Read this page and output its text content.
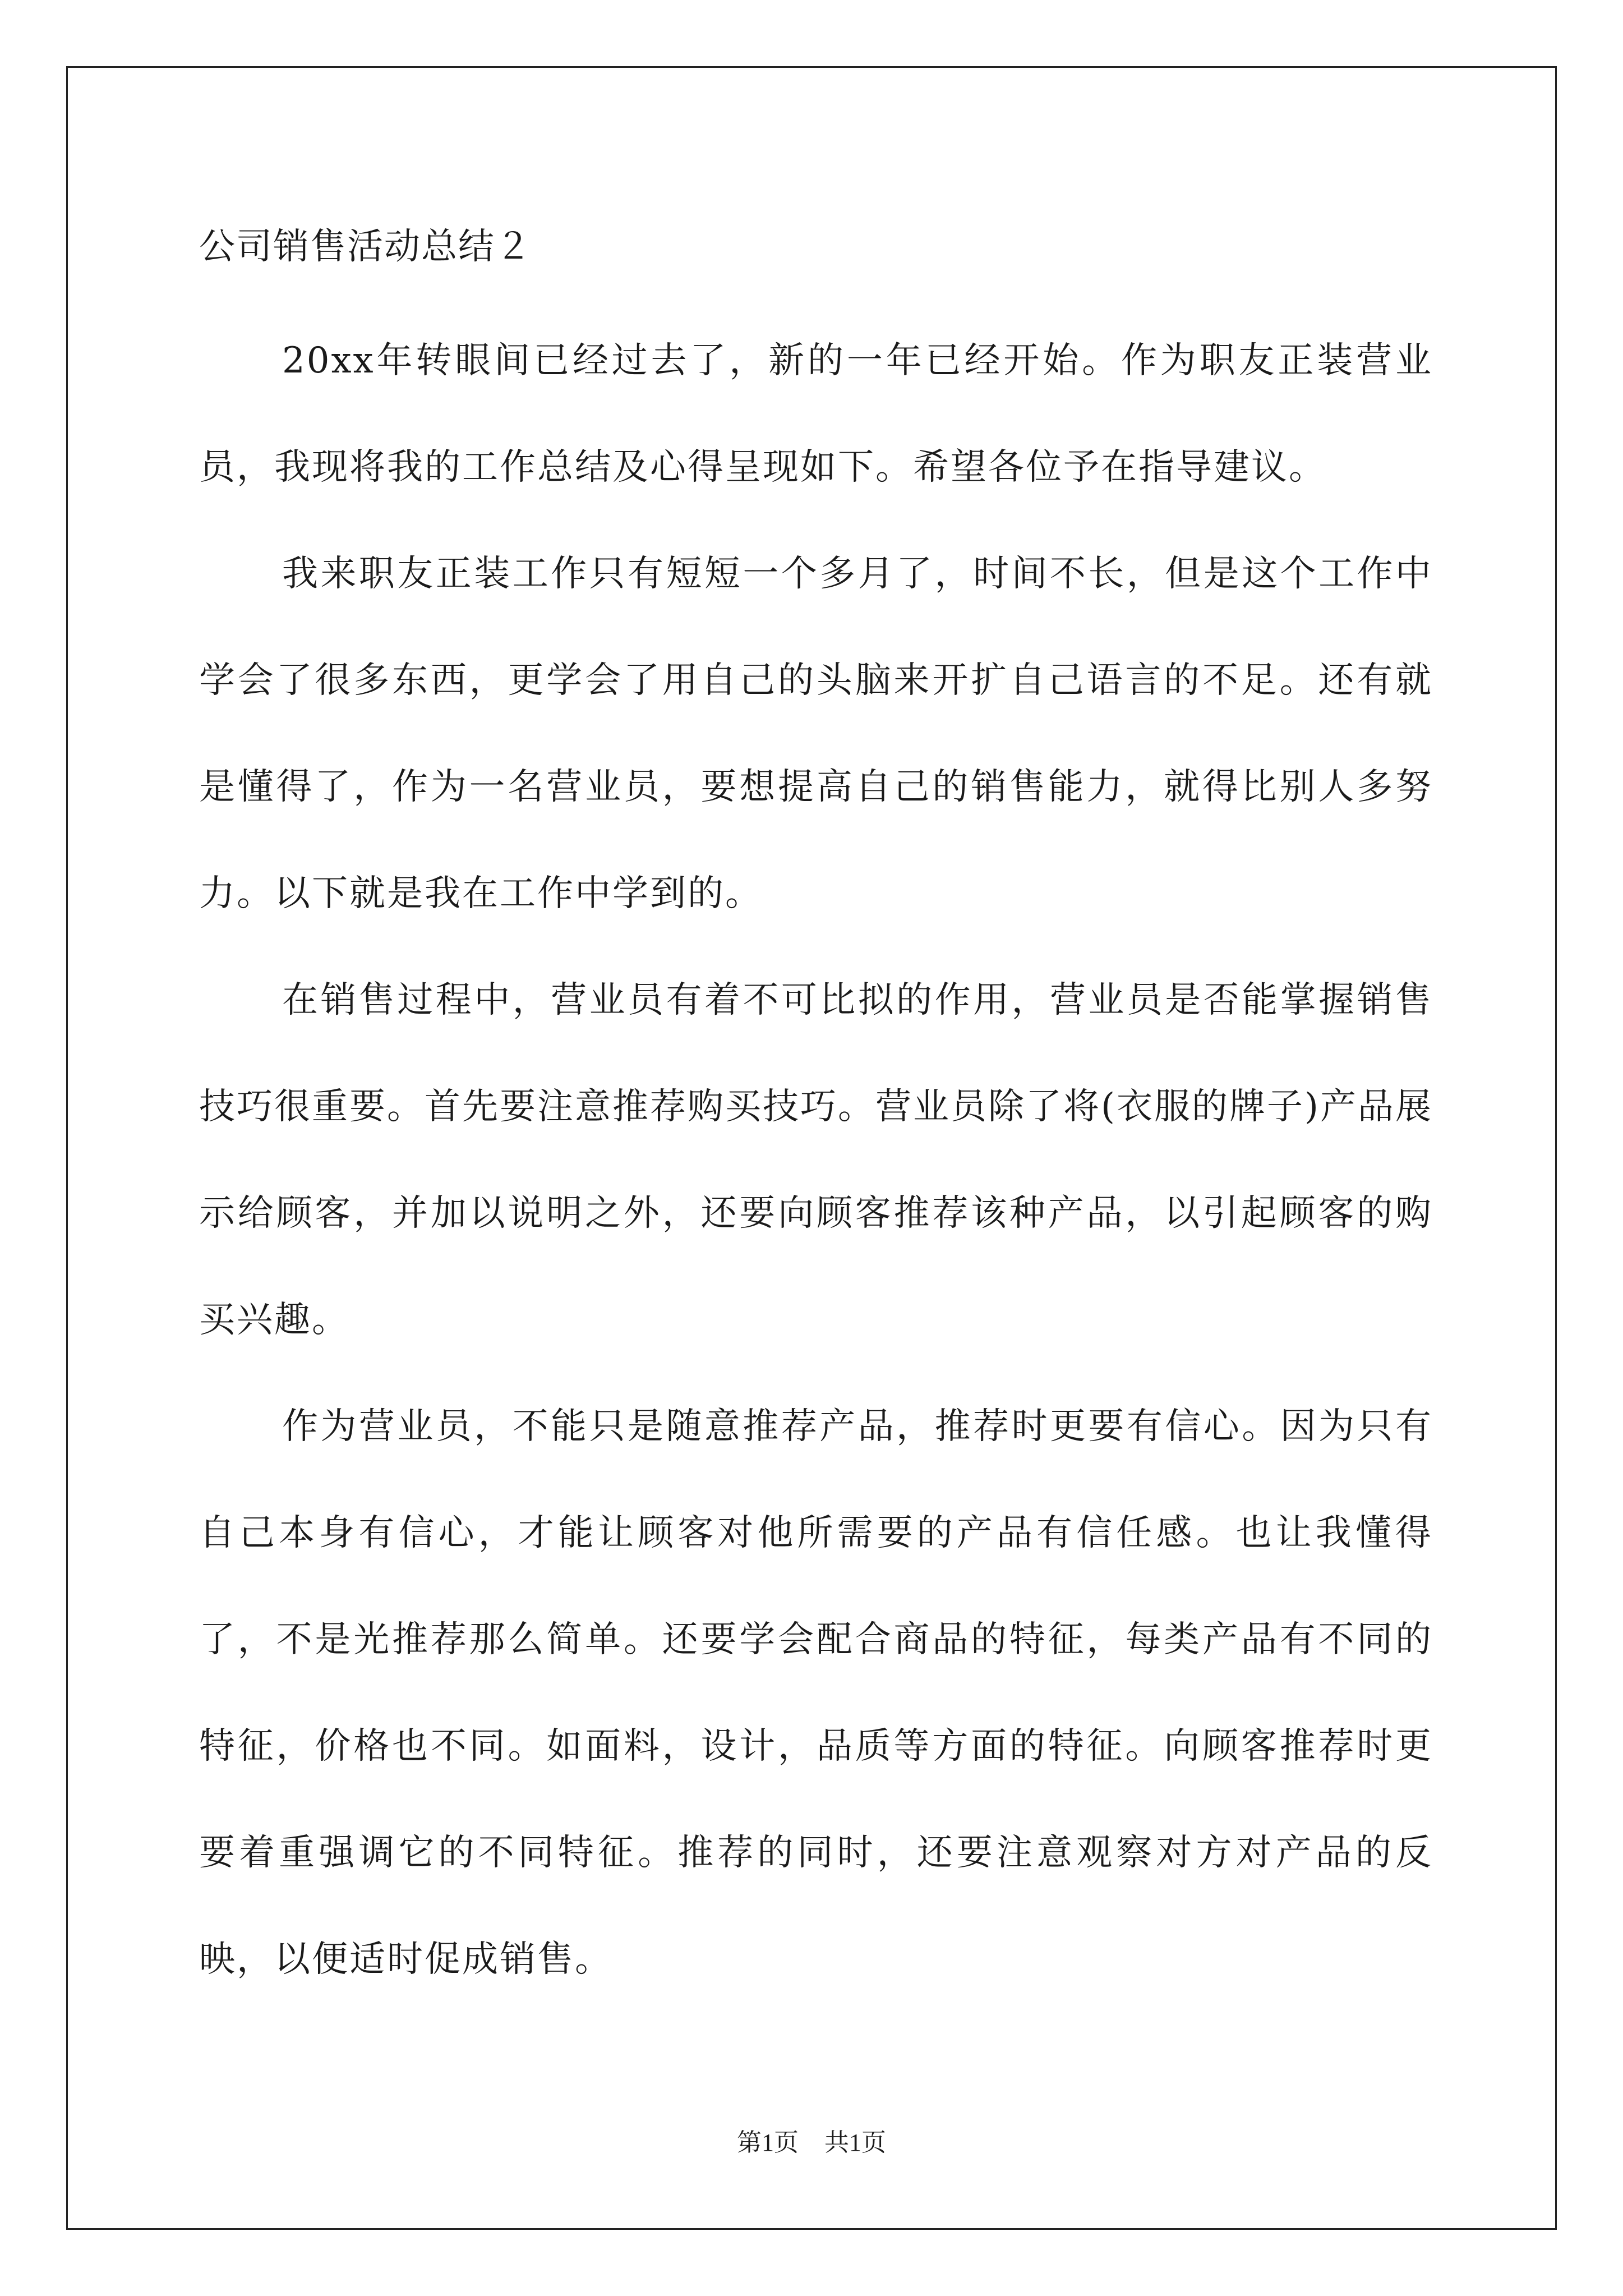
公司销售活动总结２

20xx年转眼间已经过去了，新的一年已经开始。作为职友正装营业员，我现将我的工作总结及心得呈现如下。希望各位予在指导建议。

我来职友正装工作只有短短一个多月了，时间不长，但是这个工作中学会了很多东西，更学会了用自己的头脑来开扩自己语言的不足。还有就是懂得了，作为一名营业员，要想提高自己的销售能力，就得比别人多努力。以下就是我在工作中学到的。

在销售过程中，营业员有着不可比拟的作用，营业员是否能掌握销售技巧很重要。首先要注意推荐购买技巧。营业员除了将(衣服的牌子)产品展示给顾客，并加以说明之外，还要向顾客推荐该种产品，以引起顾客的购买兴趣。

作为营业员，不能只是随意推荐产品，推荐时更要有信心。因为只有自己本身有信心，才能让顾客对他所需要的产品有信任感。也让我懂得了，不是光推荐那么简单。还要学会配合商品的特征，每类产品有不同的特征，价格也不同。如面料，设计，品质等方面的特征。向顾客推荐时更要着重强调它的不同特征。推荐的同时，还要注意观察对方对产品的反映，以便适时促成销售。

第1页 共1页
